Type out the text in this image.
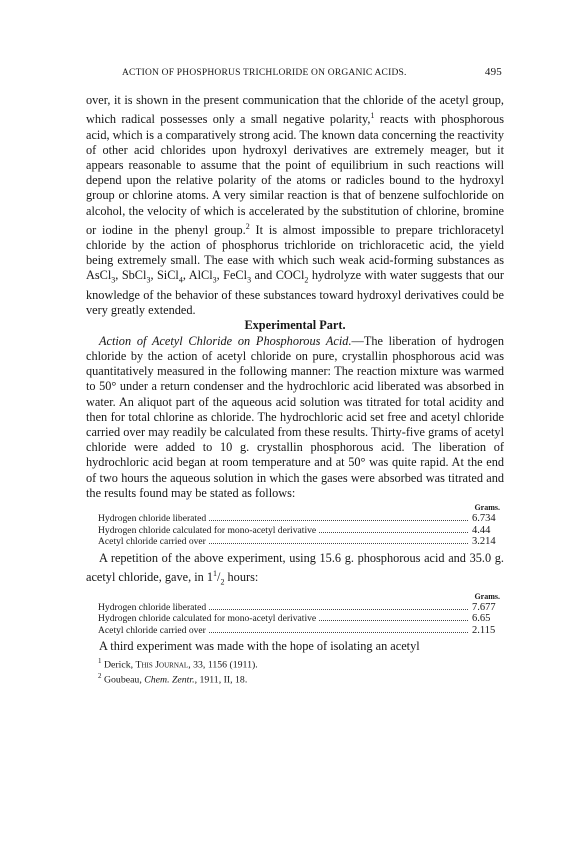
ACTION OF PHOSPHORUS TRICHLORIDE ON ORGANIC ACIDS.	495

over, it is shown in the present communication that the chloride of the acetyl group, which radical possesses only a small negative polarity,$^1$ reacts with phosphorous acid, which is a comparatively strong acid. The known data concerning the reactivity of other acid chlorides upon hydroxyl derivatives are extremely meager, but it appears reasonable to assume that the point of equilibrium in such reactions will depend upon the relative polarity of the atoms or radicles bound to the hydroxyl group or chlorine atoms. A very similar reaction is that of benzene sulfochloride on alcohol, the velocity of which is accelerated by the substitution of chlorine, bromine or iodine in the phenyl group.$^2$ It is almost impossible to prepare trichloracetyl chloride by the action of phosphorus trichloride on trichloracetic acid, the yield being extremely small. The ease with which such weak acid-forming substances as AsCl$_3$, SbCl$_3$, SiCl$_4$, AlCl$_3$, FeCl$_3$ and COCl$_2$ hydrolyze with water suggests that our knowledge of the behavior of these substances toward hydroxyl derivatives could be very greatly extended.

Experimental Part.

Action of Acetyl Chloride on Phosphorous Acid.—The liberation of hydrogen chloride by the action of acetyl chloride on pure, crystallin phosphorous acid was quantitatively measured in the following manner: The reaction mixture was warmed to 50° under a return condenser and the hydrochloric acid liberated was absorbed in water. An aliquot part of the aqueous acid solution was titrated for total acidity and then for total chlorine as chloride. The hydrochloric acid set free and acetyl chloride carried over may readily be calculated from these results. Thirty-five grams of acetyl chloride were added to 10 g. crystallin phosphorous acid. The liberation of hydrochloric acid began at room temperature and at 50° was quite rapid. At the end of two hours the aqueous solution in which the gases were absorbed was titrated and the results found may be stated as follows:

Grams.
Hydrogen chloride liberated	6.734
Hydrogen chloride calculated for mono-acetyl derivative	4.44
Acetyl chloride carried over	3.214

A repetition of the above experiment, using 15.6 g. phosphorous acid and 35.0 g. acetyl chloride, gave, in $1^1/_2$ hours:

Grams.
Hydrogen chloride liberated	7.677
Hydrogen chloride calculated for mono-acetyl derivative	6.65
Acetyl chloride carried over	2.115

A third experiment was made with the hope of isolating an acetyl

$^1$ Derick, This Journal, 33, 1156 (1911).
$^2$ Goubeau, Chem. Zentr., 1911, II, 18.
